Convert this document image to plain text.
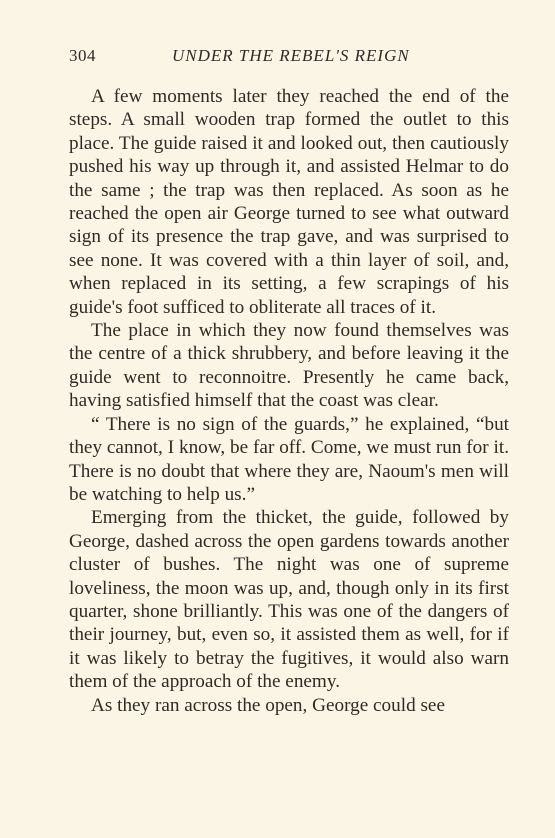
304	UNDER THE REBEL'S REIGN

A few moments later they reached the end of the steps. A small wooden trap formed the outlet to this place. The guide raised it and looked out, then cautiously pushed his way up through it, and assisted Helmar to do the same ; the trap was then replaced. As soon as he reached the open air George turned to see what outward sign of its presence the trap gave, and was surprised to see none. It was covered with a thin layer of soil, and, when replaced in its setting, a few scrapings of his guide's foot sufficed to obliterate all traces of it.

The place in which they now found themselves was the centre of a thick shrubbery, and before leaving it the guide went to reconnoitre. Presently he came back, having satisfied himself that the coast was clear.

“ There is no sign of the guards,” he explained, “but they cannot, I know, be far off. Come, we must run for it. There is no doubt that where they are, Naoum's men will be watching to help us.”

Emerging from the thicket, the guide, followed by George, dashed across the open gardens towards another cluster of bushes. The night was one of supreme loveliness, the moon was up, and, though only in its first quarter, shone brilliantly. This was one of the dangers of their journey, but, even so, it assisted them as well, for if it was likely to betray the fugitives, it would also warn them of the approach of the enemy.

As they ran across the open, George could see
